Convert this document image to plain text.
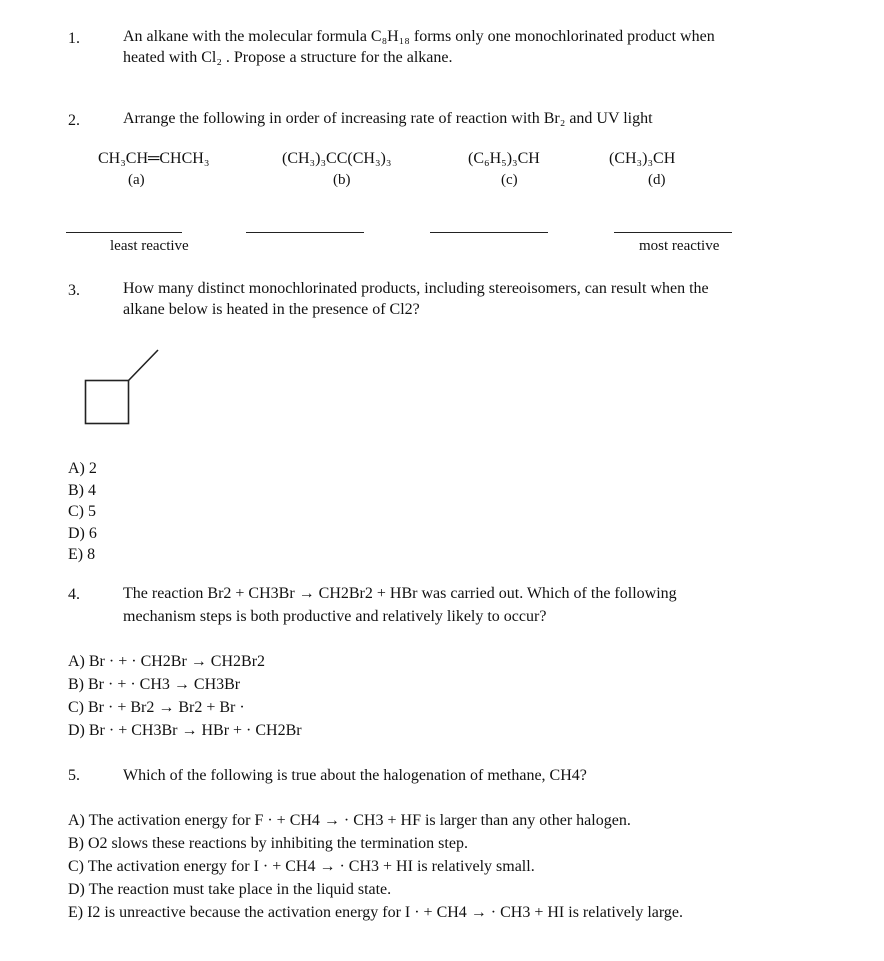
1.	An alkane with the molecular formula C₈H₁₈ forms only one monochlorinated product when
heated with Cl₂ . Propose a structure for the alkane.
2.	Arrange the following in order of increasing rate of reaction with Br₂ and UV light
CH₃CH═CHCH₃
(a)
(CH₃)₃CC(CH₃)₃
(b)
(C₆H₅)₃CH
(c)
(CH₃)₃CH
(d)
least reactive	most reactive
3.	How many distinct monochlorinated products, including stereoisomers, can result when the
alkane below is heated in the presence of Cl2?
A) 2
B) 4
C) 5
D) 6
E) 8
4.	The reaction Br2 + CH3Br → CH2Br2 + HBr was carried out. Which of the following
mechanism steps is both productive and relatively likely to occur?
A) Br · + · CH2Br → CH2Br2
B) Br · + · CH3 → CH3Br
C) Br · + Br2 → Br2 + Br ·
D) Br · + CH3Br → HBr + · CH2Br
5.	Which of the following is true about the halogenation of methane, CH4?
A) The activation energy for F · + CH4 → · CH3 + HF is larger than any other halogen.
B) O2 slows these reactions by inhibiting the termination step.
C) The activation energy for I · + CH4 → · CH3 + HI is relatively small.
D) The reaction must take place in the liquid state.
E) I2 is unreactive because the activation energy for I · + CH4 → · CH3 + HI is relatively large.
